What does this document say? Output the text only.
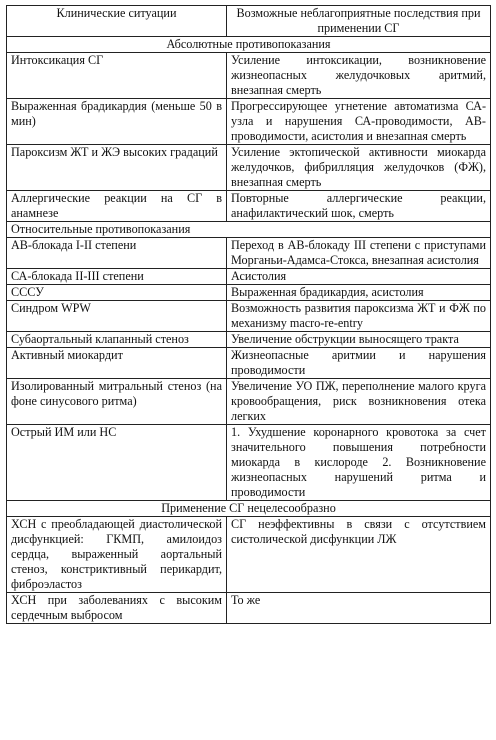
Клинические ситуации	Возможные неблагоприятные последствия при применении СГ
Абсолютные противопоказания	
Интоксикация СГ	Усиление интоксикации, возникновение жизнеопасных желудочковых аритмий, внезапная смерть
Выраженная брадикардия (меньше 50 в мин)	Прогрессирующее угнетение автоматизма СА-узла и нарушения СА-проводимости, АВ-проводимости, асистолия и внезапная смерть
Пароксизм ЖТ и ЖЭ высоких градаций	Усиление эктопической активности миокарда желудочков, фибрилляция желудочков (ФЖ), внезапная смерть
Аллергические реакции на СГ в анамнезе	Повторные аллергические реакции, анафилактический шок, смерть
Относительные противопоказания	
АВ-блокада I-II степени	Переход в АВ-блокаду III степени с приступами Морганьи-Адамса-Стокса, внезапная асистолия
СА-блокада II-III степени	Асистолия
СССУ	Выраженная брадикардия, асистолия
Синдром WPW	Возможность развития пароксизма ЖТ и ФЖ по механизму macro-re-entry
Субаортальный клапанный стеноз	Увеличение обструкции выносящего тракта
Активный миокардит	Жизнеопасные аритмии и нарушения проводимости
Изолированный митральный стеноз (на фоне синусового ритма)	Увеличение УО ПЖ, переполнение малого круга кровообращения, риск возникновения отека легких
Острый ИМ или НС	1. Ухудшение коронарного кровотока за счет значительного повышения потребности миокарда в кислороде 2. Возникновение жизнеопасных нарушений ритма и проводимости
Применение СГ нецелесообразно	
ХСН с преобладающей диастолической дисфункцией: ГКМП, амилоидоз сердца, выраженный аортальный стеноз, констриктивный перикардит, фиброэластоз	СГ неэффективны в связи с отсутствием систолической дисфункции ЛЖ
ХСН при заболеваниях с высоким сердечным выбросом	То же
